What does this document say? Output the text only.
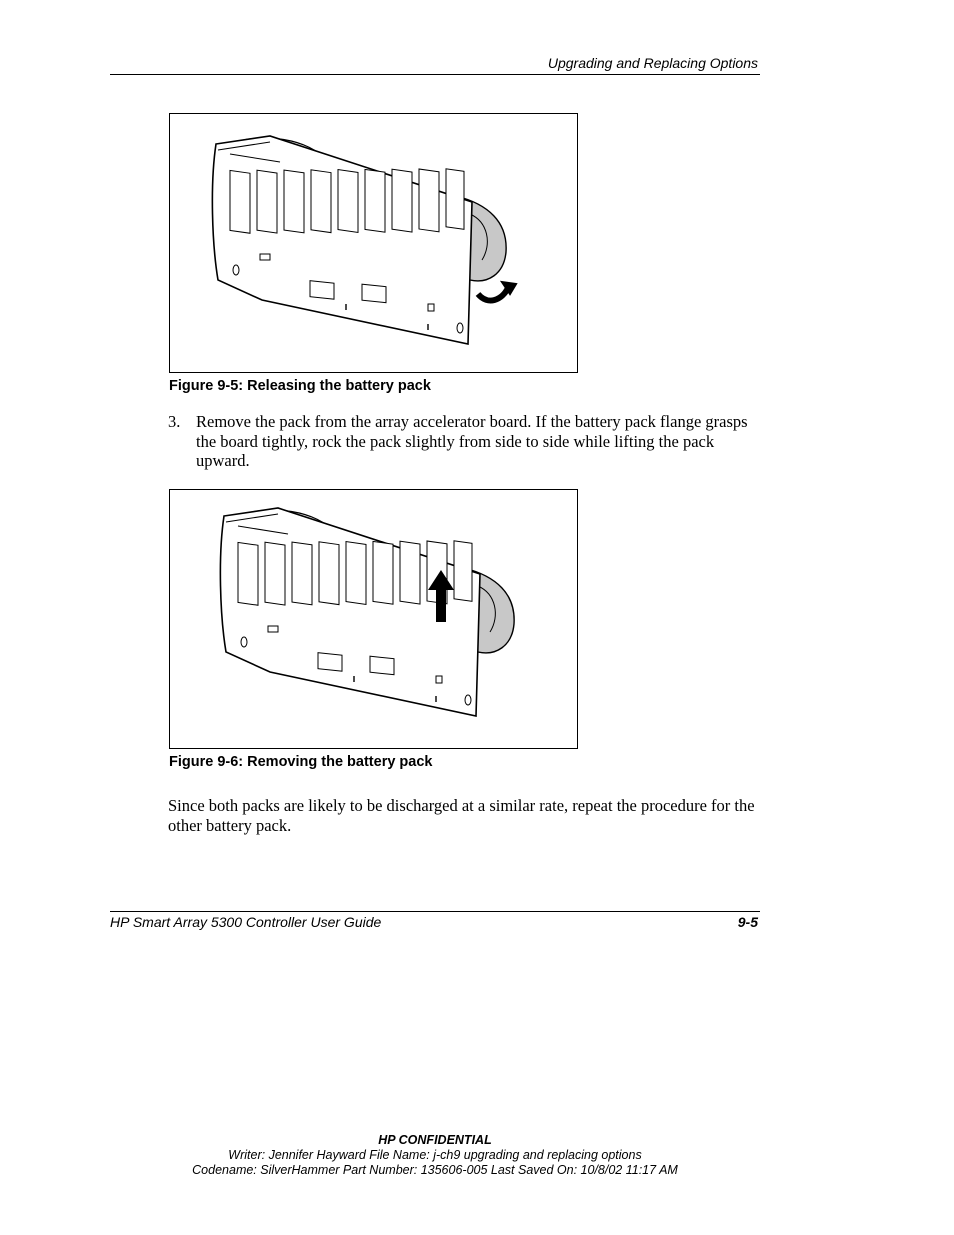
Upgrading and Replacing Options
Figure 9-5: Releasing the battery pack
3. Remove the pack from the array accelerator board. If the battery pack flange grasps the board tightly, rock the pack slightly from side to side while lifting the pack upward.
Figure 9-6: Removing the battery pack
Since both packs are likely to be discharged at a similar rate, repeat the procedure for the other battery pack.
HP Smart Array 5300 Controller User Guide	9-5
HP CONFIDENTIAL
Writer: Jennifer Hayward File Name: j-ch9 upgrading and replacing options
Codename: SilverHammer Part Number: 135606-005 Last Saved On: 10/8/02 11:17 AM
